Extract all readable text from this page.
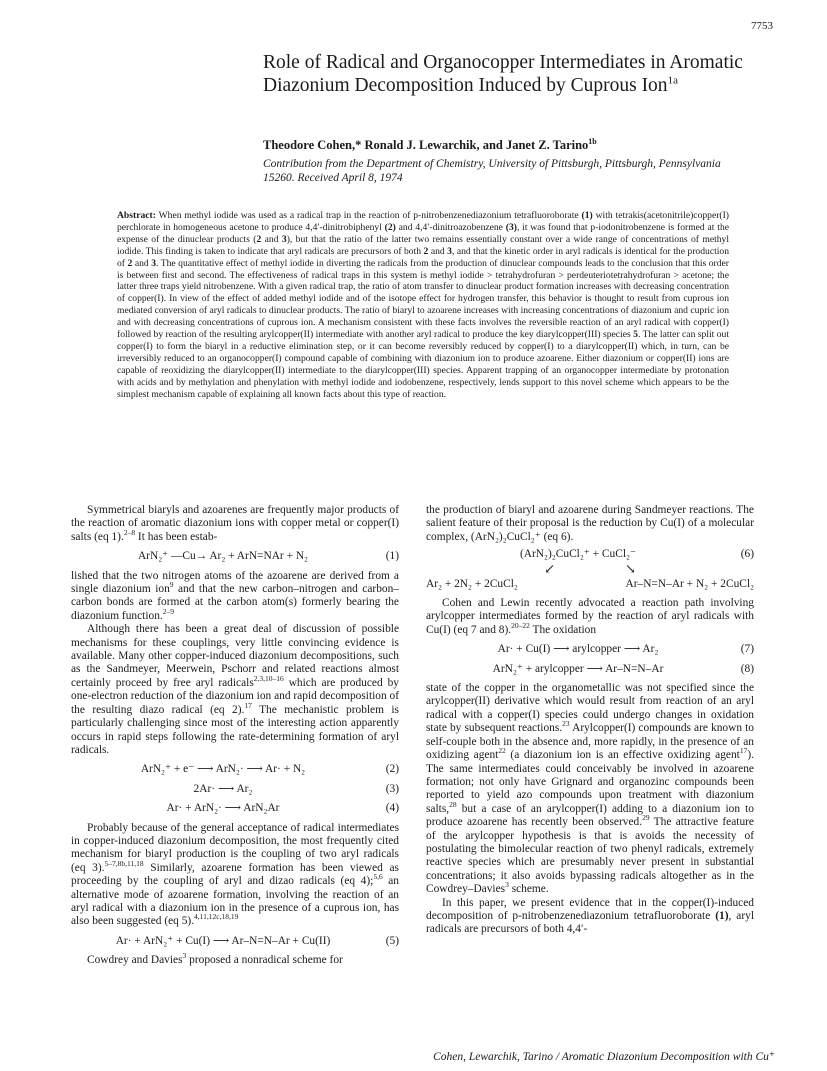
7753
Role of Radical and Organocopper Intermediates in Aromatic Diazonium Decomposition Induced by Cuprous Ion$^{1a}$
Theodore Cohen,* Ronald J. Lewarchik, and Janet Z. Tarino$^{1b}$
Contribution from the Department of Chemistry, University of Pittsburgh, Pittsburgh, Pennsylvania 15260. Received April 8, 1974

Abstract: When methyl iodide was used as a radical trap in the reaction of p-nitrobenzenediazonium tetrafluoroborate (1) with tetrakis(acetonitrile)copper(I) perchlorate in homogeneous acetone to produce 4,4′-dinitrobiphenyl (2) and 4,4′-dinitroazobenzene (3), it was found that p-iodonitrobenzene is formed at the expense of the dinuclear products (2 and 3), but that the ratio of the latter two remains essentially constant over a wide range of concentrations of methyl iodide. This finding is taken to indicate that aryl radicals are precursors of both 2 and 3, and that the kinetic order in aryl radicals is identical for the production of 2 and 3. The quantitative effect of methyl iodide in diverting the radicals from the production of dinuclear compounds leads to the conclusion that this order is between first and second. The effectiveness of radical traps in this system is methyl iodide > tetrahydrofuran > perdeuteriotetrahydrofuran > acetone; the latter three traps yield nitrobenzene. With a given radical trap, the ratio of atom transfer to dinuclear product formation increases with decreasing concentration of copper(I). In view of the effect of added methyl iodide and of the isotope effect for hydrogen transfer, this behavior is thought to result from cuprous ion mediated conversion of aryl radicals to dinuclear products. The ratio of biaryl to azoarene increases with increasing concentrations of diazonium and cupric ion and with decreasing concentrations of cuprous ion. A mechanism consistent with these facts involves the reversible reaction of an aryl radical with copper(I) followed by reaction of the resulting arylcopper(II) intermediate with another aryl radical to produce the key diarylcopper(III) species 5. The latter can split out copper(I) to form the biaryl in a reductive elimination step, or it can become reversibly reduced by copper(I) to a diarylcopper(II) which, in turn, can be irreversibly reduced to an organocopper(I) compound capable of combining with diazonium ion to produce azoarene. Either diazonium or copper(II) ions are capable of reoxidizing the diarylcopper(II) intermediate to the diarylcopper(III) species. Apparent trapping of an organocopper intermediate by protonation with acids and by methylation and phenylation with methyl iodide and iodobenzene, respectively, lends support to this novel scheme which appears to be the simplest mechanism capable of explaining all known facts about this type of reaction.

Symmetrical biaryls and azoarenes are frequently major products of the reaction of aromatic diazonium ions with copper metal or copper(I) salts (eq 1).$^{2-8}$ It has been estab-

ArN₂⁺ —Cu→ Ar₂ + ArN=NAr + N₂	(1)

lished that the two nitrogen atoms of the azoarene are derived from a single diazonium ion$^9$ and that the new carbon–nitrogen and carbon–carbon bonds are formed at the carbon atom(s) formerly bearing the diazonium function.$^{2-9}$

Although there has been a great deal of discussion of possible mechanisms for these couplings, very little convincing evidence is available. Many other copper-induced diazonium decompositions, such as the Sandmeyer, Meerwein, Pschorr and related reactions almost certainly proceed by free aryl radicals$^{2,3,10-16}$ which are produced by one-electron reduction of the diazonium ion and rapid decomposition of the resulting diazo radical (eq 2).$^{17}$ The mechanistic problem is particularly challenging since most of the interesting action apparently occurs in rapid steps following the rate-determining formation of aryl radicals.

ArN₂⁺ + e⁻ ⟶ ArN₂· ⟶ Ar· + N₂	(2)
2Ar· ⟶ Ar₂	(3)
Ar· + ArN₂· ⟶ ArN₂Ar	(4)

Probably because of the general acceptance of radical intermediates in copper-induced diazonium decomposition, the most frequently cited mechanism for biaryl production is the coupling of two aryl radicals (eq 3).$^{5-7,8b,11,18}$ Similarly, azoarene formation has been viewed as proceeding by the coupling of aryl and dizao radicals (eq 4);$^{5,6}$ an alternative mode of azoarene formation, involving the reaction of an aryl radical with a diazonium ion in the presence of a cuprous ion, has also been suggested (eq 5).$^{4,11,12c,18,19}$

Ar· + ArN₂⁺ + Cu(I) ⟶ Ar–N=N–Ar + Cu(II)	(5)

Cowdrey and Davies$^3$ proposed a nonradical scheme for

the production of biaryl and azoarene during Sandmeyer reactions. The salient feature of their proposal is the reduction by Cu(I) of a molecular complex, (ArN₂)₂CuCl₂⁺ (eq 6).

(ArN₂)₂CuCl₂⁺ + CuCl₂⁻	(6)
↙	↘
Ar₂ + 2N₂ + 2CuCl₂	Ar–N=N–Ar + N₂ + 2CuCl₂

Cohen and Lewin recently advocated a reaction path involving arylcopper intermediates formed by the reaction of aryl radicals with Cu(I) (eq 7 and 8).$^{20-22}$ The oxidation

Ar· + Cu(I) ⟶ arylcopper ⟶ Ar₂	(7)
ArN₂⁺ + arylcopper ⟶ Ar–N=N–Ar	(8)

state of the copper in the organometallic was not specified since the arylcopper(II) derivative which would result from reaction of an aryl radical with a copper(I) species could undergo changes in oxidation state by subsequent reactions.$^{23}$ Arylcopper(I) compounds are known to self-couple both in the absence and, more rapidly, in the presence of an oxidizing agent$^{22}$ (a diazonium ion is an effective oxidizing agent$^{17}$). The same intermediates could conceivably be involved in azoarene formation; not only have Grignard and organozinc compounds been reported to yield azo compounds upon treatment with diazonium salts,$^{28}$ but a case of an arylcopper(I) adding to a diazonium ion to produce azoarene has recently been observed.$^{29}$ The attractive feature of the arylcopper hypothesis is that is avoids the necessity of postulating the bimolecular reaction of two phenyl radicals, extremely reactive species which are presumably never present in substantial concentrations; it also avoids bypassing radicals altogether as in the Cowdrey–Davies$^3$ scheme.

In this paper, we present evidence that in the copper(I)-induced decomposition of p-nitrobenzenediazonium tetrafluoroborate (1), aryl radicals are precursors of both 4,4′-

Cohen, Lewarchik, Tarino / Aromatic Diazonium Decomposition with Cu⁺
